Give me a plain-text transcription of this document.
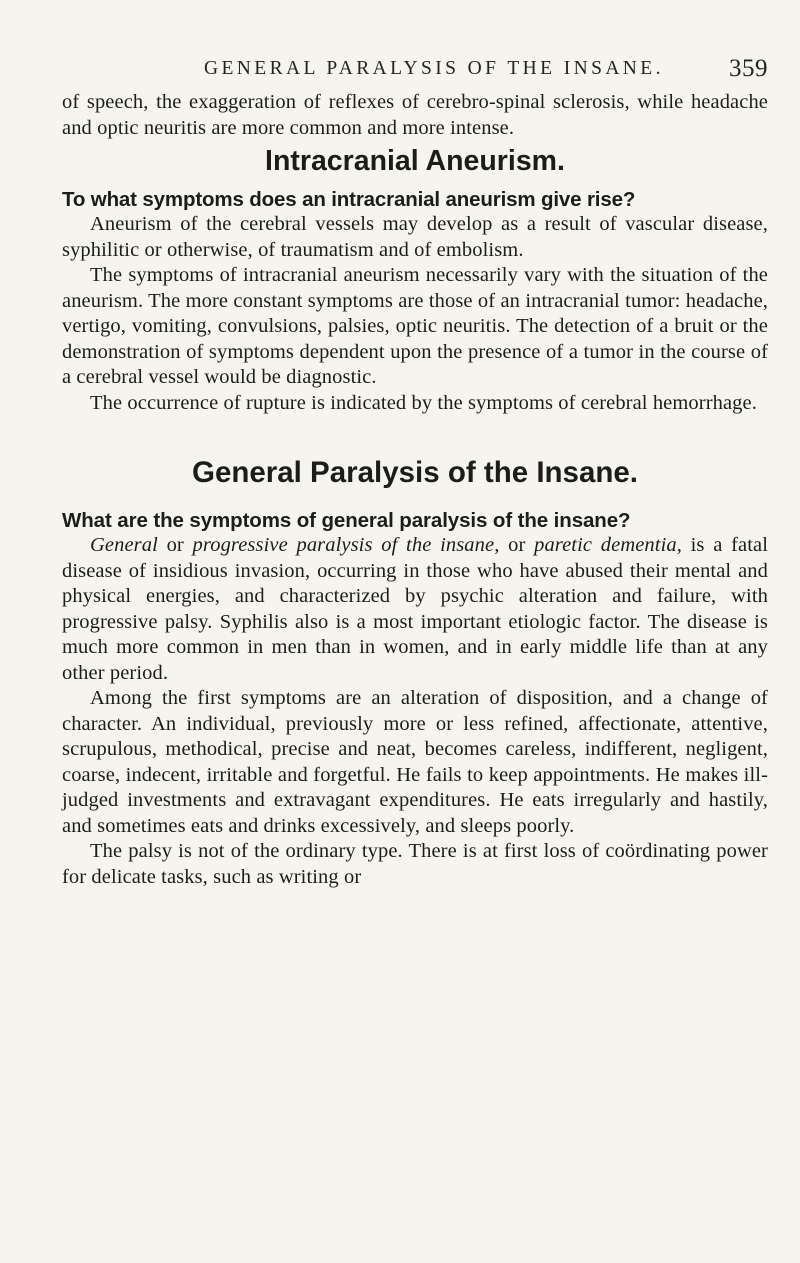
GENERAL PARALYSIS OF THE INSANE.	359

of speech, the exaggeration of reflexes of cerebro-spinal sclerosis, while headache and optic neuritis are more common and more intense.

Intracranial Aneurism.
To what symptoms does an intracranial aneurism give rise?

Aneurism of the cerebral vessels may develop as a result of vascular disease, syphilitic or otherwise, of traumatism and of embolism.

The symptoms of intracranial aneurism necessarily vary with the situation of the aneurism. The more constant symptoms are those of an intracranial tumor: headache, vertigo, vomiting, convulsions, palsies, optic neuritis. The detection of a bruit or the demonstration of symptoms dependent upon the presence of a tumor in the course of a cerebral vessel would be diagnostic.

The occurrence of rupture is indicated by the symptoms of cerebral hemorrhage.

General Paralysis of the Insane.
What are the symptoms of general paralysis of the insane?

General or progressive paralysis of the insane, or paretic dementia, is a fatal disease of insidious invasion, occurring in those who have abused their mental and physical energies, and characterized by psychic alteration and failure, with progressive palsy. Syphilis also is a most important etiologic factor. The disease is much more common in men than in women, and in early middle life than at any other period.

Among the first symptoms are an alteration of disposition, and a change of character. An individual, previously more or less refined, affectionate, attentive, scrupulous, methodical, precise and neat, becomes careless, indifferent, negligent, coarse, indecent, irritable and forgetful. He fails to keep appointments. He makes ill-judged investments and extravagant expenditures. He eats irregularly and hastily, and sometimes eats and drinks excessively, and sleeps poorly.

The palsy is not of the ordinary type. There is at first loss of coördinating power for delicate tasks, such as writing or
